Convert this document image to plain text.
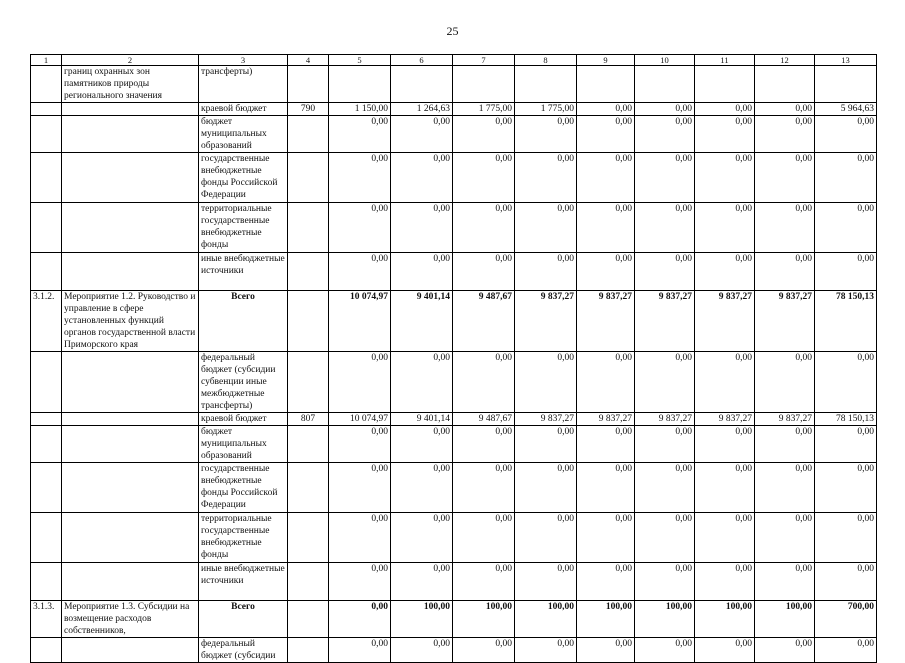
25
1	2	3	4	5	6	7	8	9	10	11	12	13
	границ охранных зон памятников природы регионального значения	трансферты)										
		краевой бюджет	790	1 150,00	1 264,63	1 775,00	1 775,00	0,00	0,00	0,00	0,00	5 964,63
		бюджет муниципальных образований		0,00	0,00	0,00	0,00	0,00	0,00	0,00	0,00	0,00
		государственные внебюджетные фонды Российской Федерации		0,00	0,00	0,00	0,00	0,00	0,00	0,00	0,00	0,00
		территориальные государственные внебюджетные фонды		0,00	0,00	0,00	0,00	0,00	0,00	0,00	0,00	0,00
		иные внебюджетные источники		0,00	0,00	0,00	0,00	0,00	0,00	0,00	0,00	0,00
3.1.2.	Мероприятие 1.2. Руководство и управление в сфере установленных функций органов государственной власти Приморского края	Всего		10 074,97	9 401,14	9 487,67	9 837,27	9 837,27	9 837,27	9 837,27	9 837,27	78 150,13
		федеральный бюджет (субсидии субвенции иные межбюджетные трансферты)		0,00	0,00	0,00	0,00	0,00	0,00	0,00	0,00	0,00
		краевой бюджет	807	10 074,97	9 401,14	9 487,67	9 837,27	9 837,27	9 837,27	9 837,27	9 837,27	78 150,13
		бюджет муниципальных образований		0,00	0,00	0,00	0,00	0,00	0,00	0,00	0,00	0,00
		государственные внебюджетные фонды Российской Федерации		0,00	0,00	0,00	0,00	0,00	0,00	0,00	0,00	0,00
		территориальные государственные внебюджетные фонды		0,00	0,00	0,00	0,00	0,00	0,00	0,00	0,00	0,00
		иные внебюджетные источники		0,00	0,00	0,00	0,00	0,00	0,00	0,00	0,00	0,00
3.1.3.	Мероприятие 1.3. Субсидии на возмещение расходов собственников,	Всего		0,00	100,00	100,00	100,00	100,00	100,00	100,00	100,00	700,00
		федеральный бюджет (субсидии		0,00	0,00	0,00	0,00	0,00	0,00	0,00	0,00	0,00
